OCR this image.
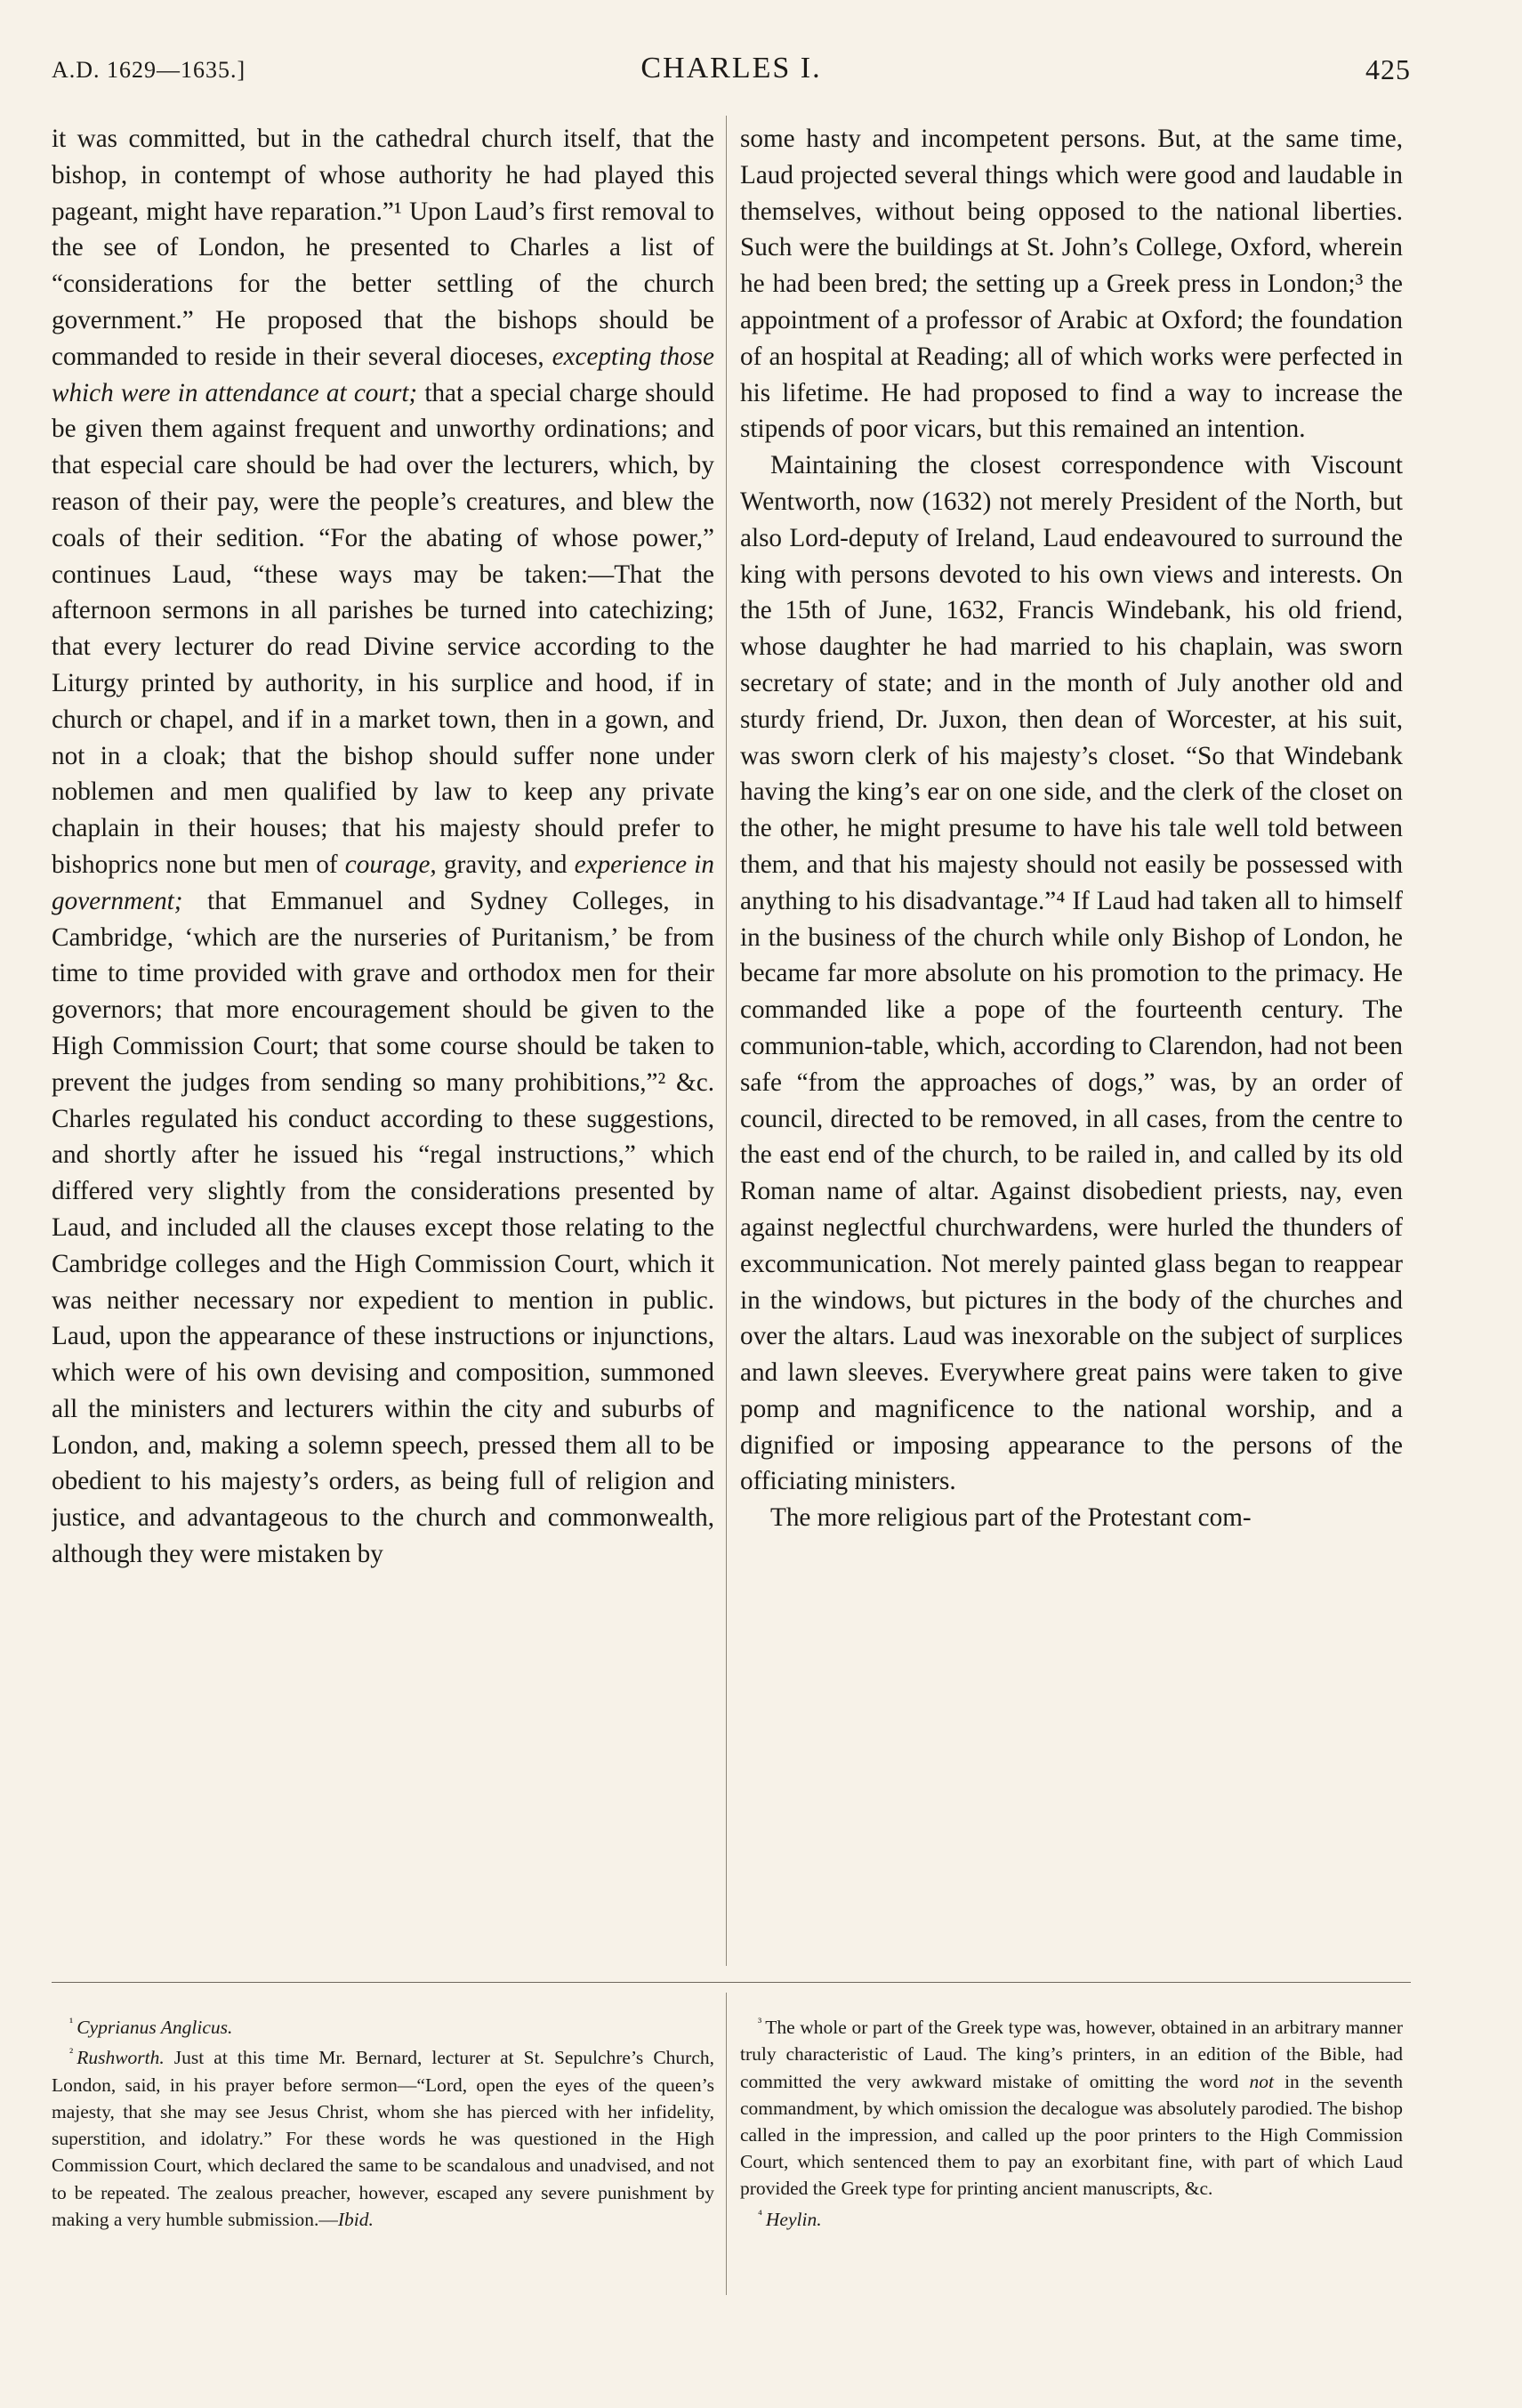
A.D. 1629—1635.]	CHARLES I.	425

it was committed, but in the cathedral church itself, that the bishop, in contempt of whose authority he had played this pageant, might have reparation.”¹ Upon Laud’s first removal to the see of London, he presented to Charles a list of “considerations for the better settling of the church government.” He proposed that the bishops should be commanded to reside in their several dioceses, excepting those which were in attendance at court; that a special charge should be given them against frequent and unworthy ordinations; and that especial care should be had over the lecturers, which, by reason of their pay, were the people’s creatures, and blew the coals of their sedition. “For the abating of whose power,” continues Laud, “these ways may be taken:—That the afternoon sermons in all parishes be turned into catechizing; that every lecturer do read Divine service according to the Liturgy printed by authority, in his surplice and hood, if in church or chapel, and if in a market town, then in a gown, and not in a cloak; that the bishop should suffer none under noblemen and men qualified by law to keep any private chaplain in their houses; that his majesty should prefer to bishoprics none but men of courage, gravity, and experience in government; that Emmanuel and Sydney Colleges, in Cambridge, ‘which are the nurseries of Puritanism,’ be from time to time provided with grave and orthodox men for their governors; that more encouragement should be given to the High Commission Court; that some course should be taken to prevent the judges from sending so many prohibitions,”² &c. Charles regulated his conduct according to these suggestions, and shortly after he issued his “regal instructions,” which differed very slightly from the considerations presented by Laud, and included all the clauses except those relating to the Cambridge colleges and the High Commission Court, which it was neither necessary nor expedient to mention in public. Laud, upon the appearance of these instructions or injunctions, which were of his own devising and composition, summoned all the ministers and lecturers within the city and suburbs of London, and, making a solemn speech, pressed them all to be obedient to his majesty’s orders, as being full of religion and justice, and advantageous to the church and commonwealth, although they were mistaken by

some hasty and incompetent persons. But, at the same time, Laud projected several things which were good and laudable in themselves, without being opposed to the national liberties. Such were the buildings at St. John’s College, Oxford, wherein he had been bred; the setting up a Greek press in London;³ the appointment of a professor of Arabic at Oxford; the foundation of an hospital at Reading; all of which works were perfected in his lifetime. He had proposed to find a way to increase the stipends of poor vicars, but this remained an intention.

Maintaining the closest correspondence with Viscount Wentworth, now (1632) not merely President of the North, but also Lord-deputy of Ireland, Laud endeavoured to surround the king with persons devoted to his own views and interests. On the 15th of June, 1632, Francis Windebank, his old friend, whose daughter he had married to his chaplain, was sworn secretary of state; and in the month of July another old and sturdy friend, Dr. Juxon, then dean of Worcester, at his suit, was sworn clerk of his majesty’s closet. “So that Windebank having the king’s ear on one side, and the clerk of the closet on the other, he might presume to have his tale well told between them, and that his majesty should not easily be possessed with anything to his disadvantage.”⁴ If Laud had taken all to himself in the business of the church while only Bishop of London, he became far more absolute on his promotion to the primacy. He commanded like a pope of the fourteenth century. The communion-table, which, according to Clarendon, had not been safe “from the approaches of dogs,” was, by an order of council, directed to be removed, in all cases, from the centre to the east end of the church, to be railed in, and called by its old Roman name of altar. Against disobedient priests, nay, even against neglectful churchwardens, were hurled the thunders of excommunication. Not merely painted glass began to reappear in the windows, but pictures in the body of the churches and over the altars. Laud was inexorable on the subject of surplices and lawn sleeves. Everywhere great pains were taken to give pomp and magnificence to the national worship, and a dignified or imposing appearance to the persons of the officiating ministers.

The more religious part of the Protestant com-

$^{^1}$ Cyprianus Anglicus.

$^{^2}$ Rushworth. Just at this time Mr. Bernard, lecturer at St. Sepulchre’s Church, London, said, in his prayer before sermon—“Lord, open the eyes of the queen’s majesty, that she may see Jesus Christ, whom she has pierced with her infidelity, superstition, and idolatry.” For these words he was questioned in the High Commission Court, which declared the same to be scandalous and unadvised, and not to be repeated. The zealous preacher, however, escaped any severe punishment by making a very humble submission.—Ibid.

$^{^3}$ The whole or part of the Greek type was, however, obtained in an arbitrary manner truly characteristic of Laud. The king’s printers, in an edition of the Bible, had committed the very awkward mistake of omitting the word not in the seventh commandment, by which omission the decalogue was absolutely parodied. The bishop called in the impression, and called up the poor printers to the High Commission Court, which sentenced them to pay an exorbitant fine, with part of which Laud provided the Greek type for printing ancient manuscripts, &c.

$^{^4}$ Heylin.
